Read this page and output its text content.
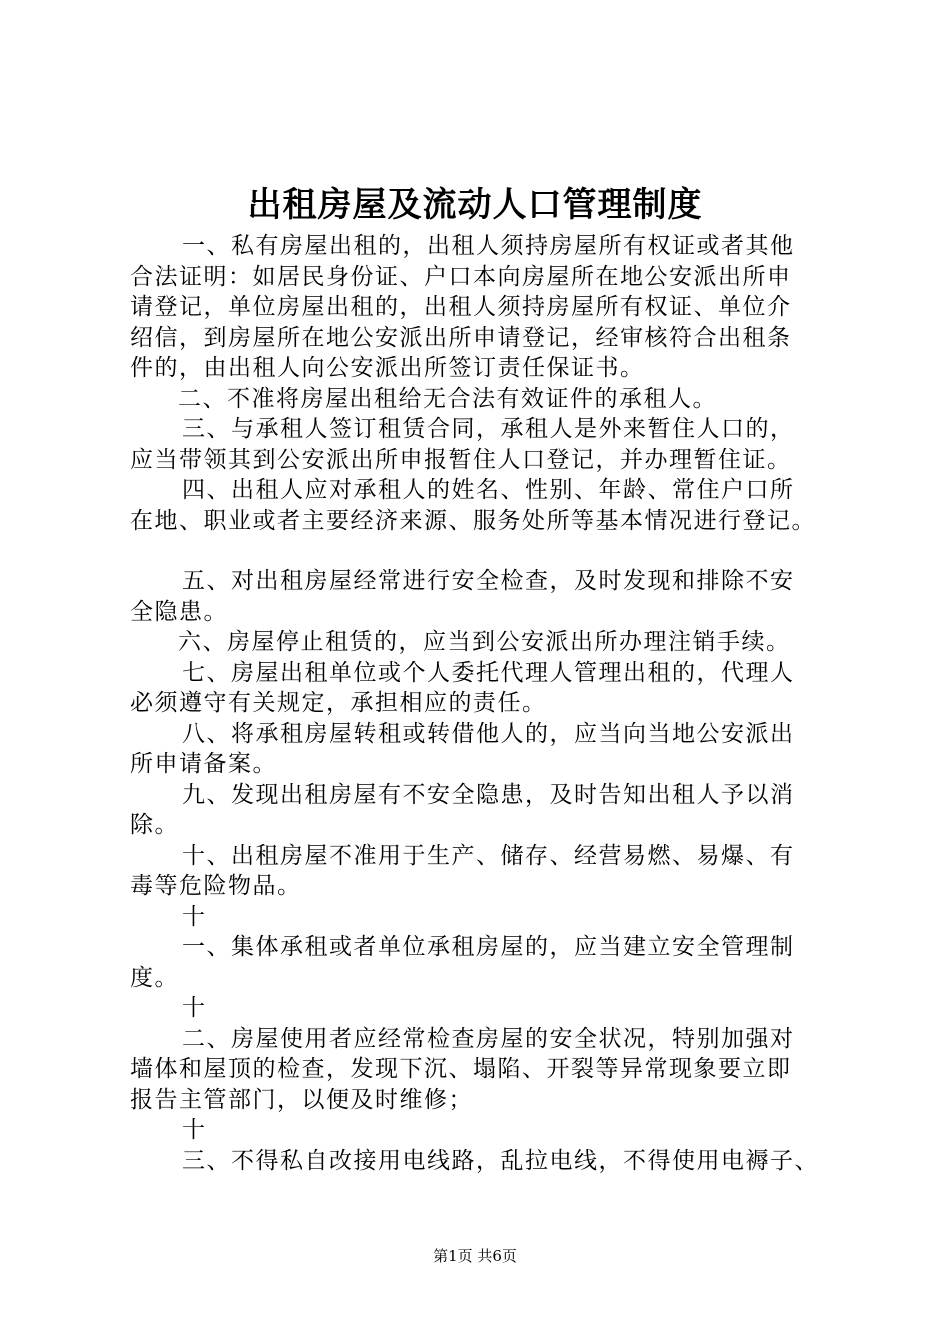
出租房屋及流动人口管理制度
一、私有房屋出租的，出租人须持房屋所有权证或者其他
合法证明：如居民身份证、户口本向房屋所在地公安派出所申
请登记，单位房屋出租的，出租人须持房屋所有权证、单位介
绍信，到房屋所在地公安派出所申请登记，经审核符合出租条
件的，由出租人向公安派出所签订责任保证书。
二、不准将房屋出租给无合法有效证件的承租人。
三、与承租人签订租赁合同，承租人是外来暂住人口的，
应当带领其到公安派出所申报暂住人口登记，并办理暂住证。
四、出租人应对承租人的姓名、性别、年龄、常住户口所
在地、职业或者主要经济来源、服务处所等基本情况进行登记。
五、对出租房屋经常进行安全检查，及时发现和排除不安
全隐患。
六、房屋停止租赁的，应当到公安派出所办理注销手续。
七、房屋出租单位或个人委托代理人管理出租的，代理人
必须遵守有关规定，承担相应的责任。
八、将承租房屋转租或转借他人的，应当向当地公安派出
所申请备案。
九、发现出租房屋有不安全隐患，及时告知出租人予以消
除。
十、出租房屋不准用于生产、储存、经营易燃、易爆、有
毒等危险物品。
十
一、集体承租或者单位承租房屋的，应当建立安全管理制
度。
十
二、房屋使用者应经常检查房屋的安全状况，特别加强对
墙体和屋顶的检查，发现下沉、塌陷、开裂等异常现象要立即
报告主管部门，以便及时维修；
十
三、不得私自改接用电线路，乱拉电线，不得使用电褥子、
第1页 共6页
